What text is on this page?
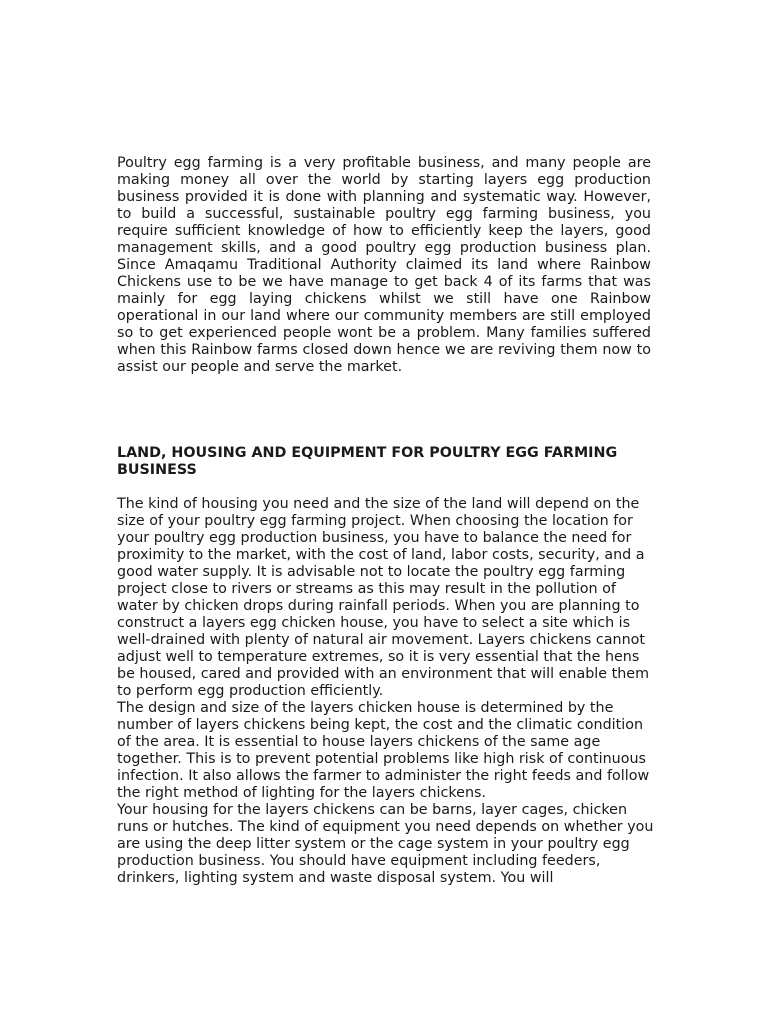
Poultry egg farming is a very profitable business, and many people are making money all over the world by starting layers egg production business provided it is done with planning and systematic way. However, to build a successful, sustainable poultry egg farming business, you require sufficient knowledge of how to efficiently keep the layers, good management skills, and a good poultry egg production business plan. Since Amaqamu Traditional Authority claimed its land where Rainbow Chickens use to be we have manage to get back 4 of its farms that was mainly for egg laying chickens whilst we still have one Rainbow operational in our land where our community members are still employed so to get experienced people wont be a problem. Many families suffered when this Rainbow farms closed down hence we are reviving them now to assist our people and serve the market.

LAND, HOUSING AND EQUIPMENT FOR POULTRY EGG FARMING BUSINESS

The kind of housing you need and the size of the land will depend on the size of your poultry egg farming project. When choosing the location for your poultry egg production business, you have to balance the need for proximity to the market, with the cost of land, labor costs, security, and a good water supply. It is advisable not to locate the poultry egg farming project close to rivers or streams as this may result in the pollution of water by chicken drops during rainfall periods. When you are planning to construct a layers egg chicken house, you have to select a site which is well-drained with plenty of natural air movement. Layers chickens cannot adjust well to temperature extremes, so it is very essential that the hens be housed, cared and provided with an environment that will enable them to perform egg production efficiently.

The design and size of the layers chicken house is determined by the number of layers chickens being kept, the cost and the climatic condition of the area. It is essential to house layers chickens of the same age together. This is to prevent potential problems like high risk of continuous infection. It also allows the farmer to administer the right feeds and follow the right method of lighting for the layers chickens.

Your housing for the layers chickens can be barns, layer cages, chicken runs or hutches. The kind of equipment you need depends on whether you are using the deep litter system or the cage system in your poultry egg production business. You should have equipment including feeders, drinkers, lighting system and waste disposal system. You will
